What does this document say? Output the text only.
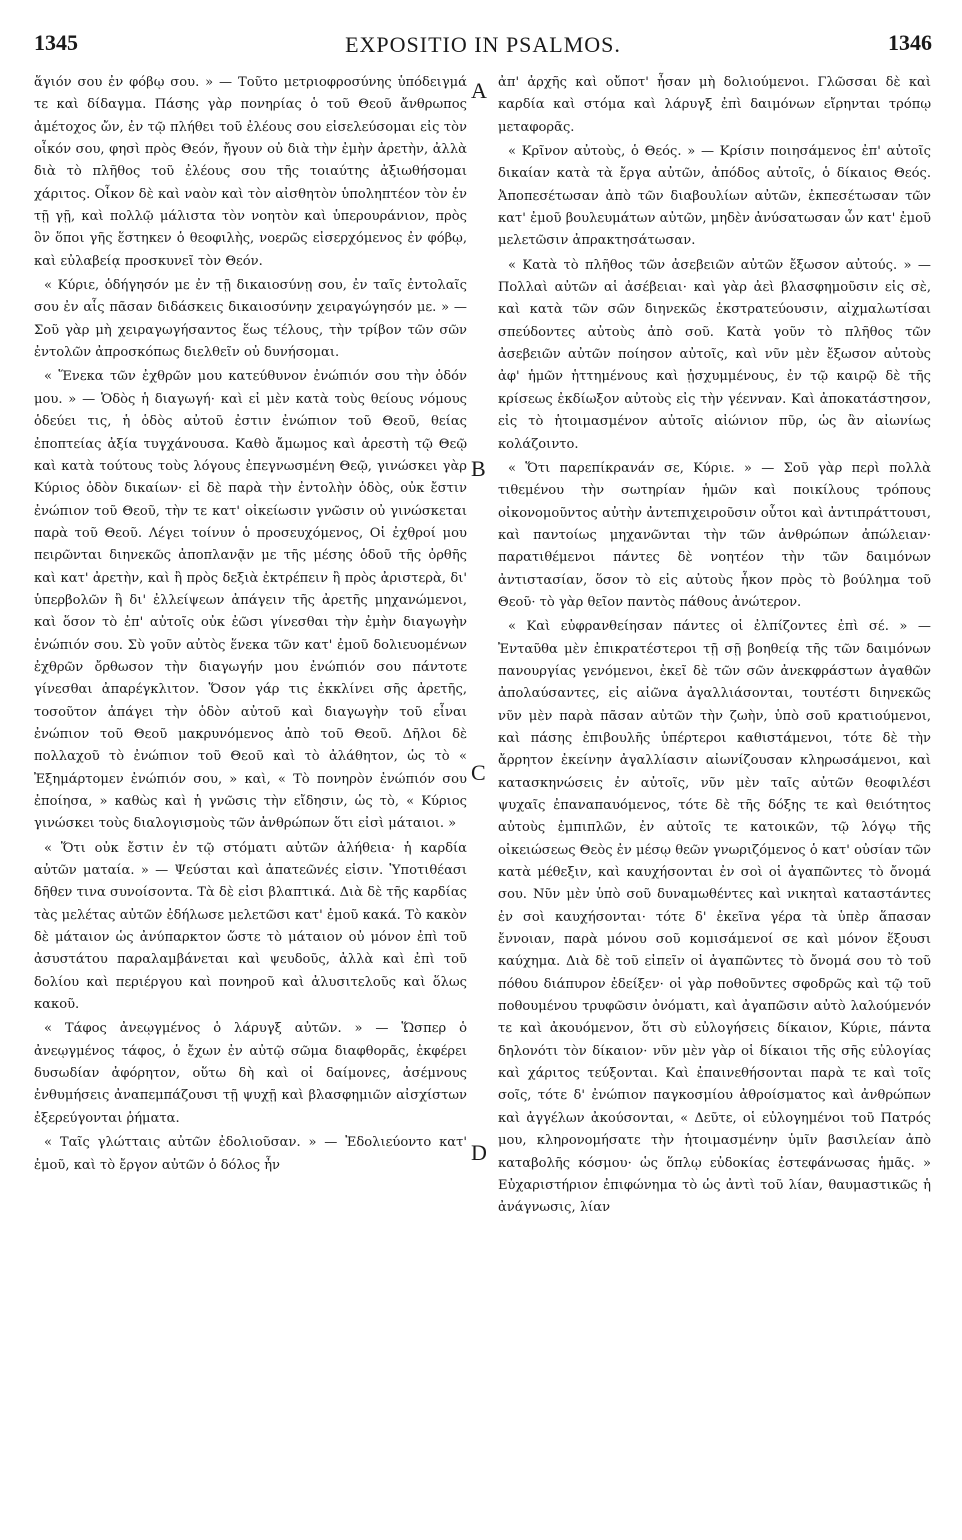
1345	EXPOSITIO IN PSALMOS.	1346
A
B
C
D

ἅγιόν σου ἐν φόβῳ σου. » — Τοῦτο μετριοφροσύνης ὑπόδειγμά τε καὶ δίδαγμα. Πάσης γὰρ πονηρίας ὁ τοῦ Θεοῦ ἄνθρωπος ἀμέτοχος ὤν, ἐν τῷ πλήθει τοῦ ἐλέους σου εἰσελεύσομαι εἰς τὸν οἶκόν σου, φησὶ πρὸς Θεόν, ἤγουν οὐ διὰ τὴν ἐμὴν ἀρετὴν, ἀλλὰ διὰ τὸ πλῆθος τοῦ ἐλέους σου τῆς τοιαύτης ἀξιωθήσομαι χάριτος. Οἶκον δὲ καὶ ναὸν καὶ τὸν αἰσθητὸν ὑποληπτέον τὸν ἐν τῇ γῇ, καὶ πολλῷ μάλιστα τὸν νοητὸν καὶ ὑπερουράνιον, πρὸς ὃν ὅποι γῆς ἕστηκεν ὁ θεοφιλὴς, νοερῶς εἰσερχόμενος ἐν φόβῳ, καὶ εὐλαβείᾳ προσκυνεῖ τὸν Θεόν.

« Κύριε, ὁδήγησόν με ἐν τῇ δικαιοσύνῃ σου, ἐν ταῖς ἐντολαῖς σου ἐν αἷς πᾶσαν διδάσκεις δικαιοσύνην χειραγώγησόν με. » — Σοῦ γὰρ μὴ χειραγωγήσαντος ἕως τέλους, τὴν τρίβον τῶν σῶν ἐντολῶν ἀπροσκόπως διελθεῖν οὐ δυνήσομαι.

« Ἕνεκα τῶν ἐχθρῶν μου κατεύθυνον ἐνώπιόν σου τὴν ὁδόν μου. » — Ὁδὸς ἡ διαγωγή· καὶ εἰ μὲν κατὰ τοὺς θείους νόμους ὁδεύει τις, ἡ ὁδὸς αὐτοῦ ἐστιν ἐνώπιον τοῦ Θεοῦ, θείας ἐποπτείας ἀξία τυγχάνουσα. Καθὸ ἄμωμος καὶ ἀρεστὴ τῷ Θεῷ καὶ κατὰ τούτους τοὺς λόγους ἐπεγνωσμένη Θεῷ, γινώσκει γὰρ Κύριος ὁδὸν δικαίων· εἰ δὲ παρὰ τὴν ἐντολὴν ὁδὸς, οὐκ ἔστιν ἐνώπιον τοῦ Θεοῦ, τὴν τε κατ' οἰκείωσιν γνῶσιν οὐ γινώσκεται παρὰ τοῦ Θεοῦ. Λέγει τοίνυν ὁ προσευχόμενος, Οἱ ἐχθροί μου πειρῶνται διηνεκῶς ἀποπλανᾷν με τῆς μέσης ὁδοῦ τῆς ὀρθῆς καὶ κατ' ἀρετὴν, καὶ ἢ πρὸς δεξιὰ ἐκτρέπειν ἢ πρὸς ἀριστερὰ, δι' ὑπερβολῶν ἢ δι' ἐλλείψεων ἀπάγειν τῆς ἀρετῆς μηχανώμενοι, καὶ ὅσον τὸ ἐπ' αὐτοῖς οὐκ ἐῶσι γίνεσθαι τὴν ἐμὴν διαγωγὴν ἐνώπιόν σου. Σὺ γοῦν αὐτὸς ἕνεκα τῶν κατ' ἐμοῦ δολιευομένων ἐχθρῶν ὄρθωσον τὴν διαγωγήν μου ἐνώπιόν σου πάντοτε γίνεσθαι ἀπαρέγκλιτον. Ὅσον γάρ τις ἐκκλίνει σῆς ἀρετῆς, τοσοῦτον ἀπάγει τὴν ὁδὸν αὐτοῦ καὶ διαγωγὴν τοῦ εἶναι ἐνώπιον τοῦ Θεοῦ μακρυνόμενος ἀπὸ τοῦ Θεοῦ. Δῆλοι δὲ πολλαχοῦ τὸ ἐνώπιον τοῦ Θεοῦ καὶ τὸ ἀλάθητον, ὡς τὸ « Ἐξημάρτομεν ἐνώπιόν σου, » καὶ, « Τὸ πονηρὸν ἐνώπιόν σου ἐποίησα, » καθὼς καὶ ἡ γνῶσις τὴν εἴδησιν, ὡς τὸ, « Κύριος γινώσκει τοὺς διαλογισμοὺς τῶν ἀνθρώπων ὅτι εἰσὶ μάταιοι. »

« Ὅτι οὐκ ἔστιν ἐν τῷ στόματι αὐτῶν ἀλήθεια· ἡ καρδία αὐτῶν ματαία. » — Ψεύσται καὶ ἀπατεῶνές εἰσιν. Ὑποτιθέασι δῆθεν τινα συνοίσοντα. Τὰ δὲ εἰσι βλαπτικά. Διὰ δὲ τῆς καρδίας τὰς μελέτας αὐτῶν ἐδήλωσε μελετῶσι κατ' ἐμοῦ κακά. Τὸ κακὸν δὲ μάταιον ὡς ἀνύπαρκτον ὥστε τὸ μάταιον οὐ μόνον ἐπὶ τοῦ ἀσυστάτου παραλαμβάνεται καὶ ψευδοῦς, ἀλλὰ καὶ ἐπὶ τοῦ δολίου καὶ περιέργου καὶ πονηροῦ καὶ ἀλυσιτελοῦς καὶ ὅλως κακοῦ.

« Τάφος ἀνεῳγμένος ὁ λάρυγξ αὐτῶν. » — Ὥσπερ ὁ ἀνεῳγμένος τάφος, ὁ ἔχων ἐν αὐτῷ σῶμα διαφθορᾶς, ἐκφέρει δυσωδίαν ἀφόρητον, οὕτω δὴ καὶ οἱ δαίμονες, ἀσέμνους ἐνθυμήσεις ἀναπεμπάζουσι τῇ ψυχῇ καὶ βλασφημιῶν αἰσχίστων ἐξερεύγονται ῥήματα.

« Ταῖς γλώτταις αὐτῶν ἐδολιοῦσαν. » — Ἐδολιεύοντο κατ' ἐμοῦ, καὶ τὸ ἔργον αὐτῶν ὁ δόλος ἦν

ἀπ' ἀρχῆς καὶ οὔποτ' ἦσαν μὴ δολιούμενοι. Γλῶσσαι δὲ καὶ καρδία καὶ στόμα καὶ λάρυγξ ἐπὶ δαιμόνων εἴρηνται τρόπῳ μεταφορᾶς.

« Κρῖνον αὐτοὺς, ὁ Θεός. » — Κρίσιν ποιησάμενος ἐπ' αὐτοῖς δικαίαν κατὰ τὰ ἔργα αὐτῶν, ἀπόδος αὐτοῖς, ὁ δίκαιος Θεός. Ἀποπεσέτωσαν ἀπὸ τῶν διαβουλίων αὐτῶν, ἐκπεσέτωσαν τῶν κατ' ἐμοῦ βουλευμάτων αὐτῶν, μηδὲν ἀνύσατωσαν ὧν κατ' ἐμοῦ μελετῶσιν ἀπρακτησάτωσαν.

« Κατὰ τὸ πλῆθος τῶν ἀσεβειῶν αὐτῶν ἔξωσον αὐτούς. » — Πολλαὶ αὐτῶν αἱ ἀσέβειαι· καὶ γὰρ ἀεὶ βλασφημοῦσιν εἰς σὲ, καὶ κατὰ τῶν σῶν διηνεκῶς ἐκστρατεύουσιν, αἰχμαλωτίσαι σπεύδοντες αὐτοὺς ἀπὸ σοῦ. Κατὰ γοῦν τὸ πλῆθος τῶν ἀσεβειῶν αὐτῶν ποίησον αὐτοῖς, καὶ νῦν μὲν ἔξωσον αὐτοὺς ἀφ' ἡμῶν ἡττημένους καὶ ᾐσχυμμένους, ἐν τῷ καιρῷ δὲ τῆς κρίσεως ἐκδίωξον αὐτοὺς εἰς τὴν γέενναν. Καὶ ἀποκατάστησον, εἰς τὸ ἡτοιμασμένον αὐτοῖς αἰώνιον πῦρ, ὡς ἂν αἰωνίως κολάζοιντο.

« Ὅτι παρεπίκρανάν σε, Κύριε. » — Σοῦ γὰρ περὶ πολλὰ τιθεμένου τὴν σωτηρίαν ἡμῶν καὶ ποικίλους τρόπους οἰκονομοῦντος αὐτὴν ἀντεπιχειροῦσιν οὗτοι καὶ ἀντιπράττουσι, καὶ παντοίως μηχανῶνται τὴν τῶν ἀνθρώπων ἀπώλειαν· παρατιθέμενοι πάντες δὲ νοητέον τὴν τῶν δαιμόνων ἀντιστασίαν, ὅσον τὸ εἰς αὐτοὺς ἧκον πρὸς τὸ βούλημα τοῦ Θεοῦ· τὸ γὰρ θεῖον παντὸς πάθους ἀνώτερον.

« Καὶ εὐφρανθείησαν πάντες οἱ ἐλπίζοντες ἐπὶ σέ. » — Ἐνταῦθα μὲν ἐπικρατέστεροι τῇ σῇ βοηθείᾳ τῆς τῶν δαιμόνων πανουργίας γενόμενοι, ἐκεῖ δὲ τῶν σῶν ἀνεκφράστων ἀγαθῶν ἀπολαύσαντες, εἰς αἰῶνα ἀγαλλιάσονται, τουτέστι διηνεκῶς νῦν μὲν παρὰ πᾶσαν αὐτῶν τὴν ζωὴν, ὑπὸ σοῦ κρατιούμενοι, καὶ πάσης ἐπιβουλῆς ὑπέρτεροι καθιστάμενοι, τότε δὲ τὴν ἄρρητον ἐκείνην ἀγαλλίασιν αἰωνίζουσαν κληρωσάμενοι, καὶ κατασκηνώσεις ἐν αὐτοῖς, νῦν μὲν ταῖς αὐτῶν θεοφιλέσι ψυχαῖς ἐπαναπαυόμενος, τότε δὲ τῆς δόξης τε καὶ θειότητος αὐτοὺς ἐμπιπλῶν, ἐν αὐτοῖς τε κατοικῶν, τῷ λόγῳ τῆς οἰκειώσεως Θεὸς ἐν μέσῳ θεῶν γνωριζόμενος ὁ κατ' οὐσίαν τῶν κατὰ μέθεξιν, καὶ καυχήσονται ἐν σοὶ οἱ ἀγαπῶντες τὸ ὄνομά σου. Νῦν μὲν ὑπὸ σοῦ δυναμωθέντες καὶ νικηταὶ καταστάντες ἐν σοὶ καυχήσονται· τότε δ' ἐκεῖνα γέρα τὰ ὑπὲρ ἅπασαν ἔννοιαν, παρὰ μόνου σοῦ κομισάμενοί σε καὶ μόνον ἕξουσι καύχημα. Διὰ δὲ τοῦ εἰπεῖν οἱ ἀγαπῶντες τὸ ὄνομά σου τὸ τοῦ πόθου διάπυρον ἐδείξεν· οἱ γὰρ ποθοῦντες σφοδρῶς καὶ τῷ τοῦ ποθουμένου τρυφῶσιν ὀνόματι, καὶ ἀγαπῶσιν αὐτὸ λαλούμενόν τε καὶ ἀκουόμενον, ὅτι σὺ εὐλογήσεις δίκαιον, Κύριε, πάντα δηλονότι τὸν δίκαιον· νῦν μὲν γὰρ οἱ δίκαιοι τῆς σῆς εὐλογίας καὶ χάριτος τεύξονται. Καὶ ἐπαινεθήσονται παρὰ τε καὶ τοῖς σοῖς, τότε δ' ἐνώπιον παγκοσμίου ἀθροίσματος καὶ ἀνθρώπων καὶ ἀγγέλων ἀκούσονται, « Δεῦτε, οἱ εὐλογημένοι τοῦ Πατρός μου, κληρονομήσατε τὴν ἡτοιμασμένην ὑμῖν βασιλείαν ἀπὸ καταβολῆς κόσμου· ὡς ὅπλῳ εὐδοκίας ἐστεφάνωσας ἡμᾶς. » Εὐχαριστήριον ἐπιφώνημα τὸ ὡς ἀντὶ τοῦ λίαν, θαυμαστικῶς ἡ ἀνάγνωσις, λίαν
